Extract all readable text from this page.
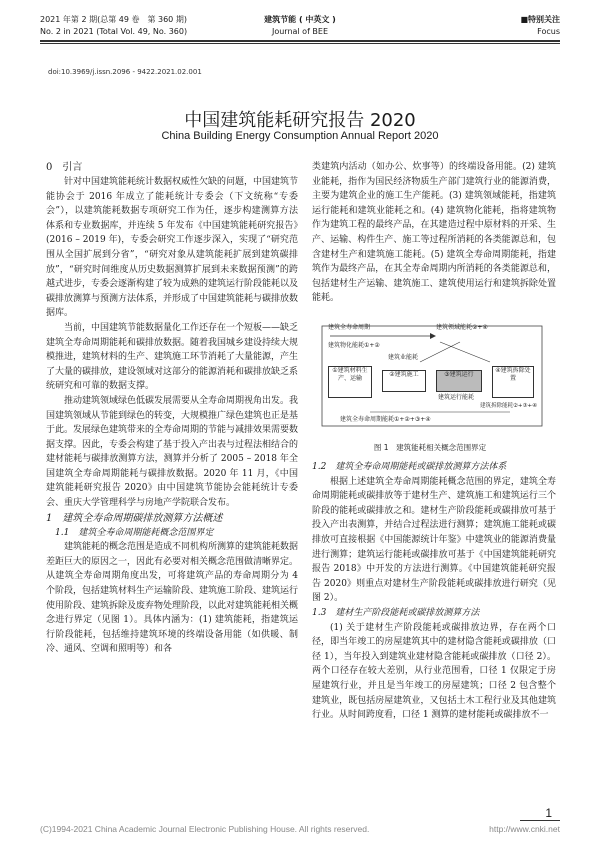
2021 年第 2 期(总第 49 卷　第 360 期)
No. 2 in 2021 (Total Vol. 49, No. 360)
建筑节能 ( 中英文 )
Journal of BEE
■特别关注
Focus
doi:10.3969/j.issn.2096 - 9422.2021.02.001
中国建筑能耗研究报告 2020
China Building Energy Consumption Annual Report 2020

0　引言

针对中国建筑能耗统计数据权威性欠缺的问题，中国建筑节能协会于 2016 年成立了能耗统计专委会（下文统称“专委会”），以建筑能耗数据专项研究工作为任，逐步构建测算方法体系和专业数据库，并连续 5 年发布《中国建筑能耗研究报告》(2016 – 2019 年)，专委会研究工作逐步深入，实现了“研究范围从全国扩展到分省”，“研究对象从建筑能耗扩展到建筑碳排放”，“研究时间维度从历史数据测算扩展到未来数据预测”的跨越式进步，专委会逐渐构建了较为成熟的建筑运行阶段能耗以及碳排放测算与预测方法体系，并形成了中国建筑能耗与碳排放数据库。

当前，中国建筑节能数据量化工作还存在一个短板——缺乏建筑全寿命周期能耗和碳排放数据。随着我国城乡建设持续大规模推进，建筑材料的生产、建筑施工环节消耗了大量能源，产生了大量的碳排放，建设领域对这部分的能源消耗和碳排放缺乏系统研究和可靠的数据支撑。

推动建筑领域绿色低碳发展需要从全寿命周期视角出发。我国建筑领域从节能到绿色的转变，大规模推广绿色建筑也正是基于此。发展绿色建筑带来的全寿命周期的节能与减排效果需要数据支撑。因此，专委会构建了基于投入产出表与过程法相结合的建材能耗与碳排放测算方法，测算并分析了 2005 – 2018 年全国建筑全寿命周期能耗与碳排放数据。2020 年 11 月，《中国建筑能耗研究报告 2020》由中国建筑节能协会能耗统计专委会、重庆大学管理科学与房地产学院联合发布。

1　建筑全寿命周期碳排放测算方法概述

1.1　建筑全寿命周期能耗概念范围界定

建筑能耗的概念范围是造成不同机构所测算的建筑能耗数据差距巨大的原因之一，因此有必要对相关概念范围做清晰界定。从建筑全寿命周期角度出发，可将建筑产品的寿命周期分为 4 个阶段，包括建筑材料生产运输阶段、建筑施工阶段、建筑运行使用阶段、建筑拆除及废弃物处理阶段，以此对建筑能耗相关概念进行界定（见图 1）。具体内涵为：(1) 建筑能耗，指建筑运行阶段能耗，包括维持建筑环境的终端设备用能（如供暖、制冷、通风、空调和照明等）和各

类建筑内活动（如办公、炊事等）的终端设备用能。(2) 建筑业能耗，指作为国民经济物质生产部门建筑行业的能源消费，主要为建筑企业的施工生产能耗。(3) 建筑领域能耗，指建筑运行能耗和建筑业能耗之和。(4) 建筑物化能耗，指将建筑物作为建筑工程的最终产品，在其建造过程中原材料的开采、生产、运输、构件生产、施工等过程所消耗的各类能源总和，包含建材生产和建筑施工能耗。(5) 建筑全寿命周期能耗，指建筑作为最终产品，在其全寿命周期内所消耗的各类能源总和，包括建材生产运输、建筑施工、建筑使用运行和建筑拆除处置能耗。

建筑全寿命周期	建筑领域能耗②+④
建筑物化能耗①+②
建筑业能耗
①建筑材料生产、运输
②建筑施工	③建筑运行
④建筑拆除处置
建筑运行能耗
建筑拆除能耗②+③+④
建筑全寿命周期能耗①+②+③+④
图 1　建筑能耗相关概念范围界定

1.2　建筑全寿命周期能耗或碳排放测算方法体系

根据上述建筑全寿命周期能耗概念范围的界定，建筑全寿命周期能耗或碳排放等于建材生产、建筑施工和建筑运行三个阶段的能耗或碳排放之和。建材生产阶段能耗或碳排放可基于投入产出表测算，并结合过程法进行测算；建筑施工能耗或碳排放可直接根据《中国能源统计年鉴》中建筑业的能源消费量进行测算；建筑运行能耗或碳排放可基于《中国建筑能耗研究报告 2018》中开发的方法进行测算。《中国建筑能耗研究报告 2020》则重点对建材生产阶段能耗或碳排放进行研究（见图 2）。

1.3　建材生产阶段能耗或碳排放测算方法

(1) 关于建材生产阶段能耗或碳排放边界，存在两个口径，即当年竣工的房屋建筑其中的建材隐含能耗或碳排放（口径 1），当年投入到建筑业建材隐含能耗或碳排放（口径 2）。两个口径存在较大差别，从行业范围看，口径 1 仅限定于房屋建筑行业，并且是当年竣工的房屋建筑；口径 2 包含整个建筑业，既包括房屋建筑业，又包括土木工程行业及其他建筑行业。从时间跨度看，口径 1 测算的建材能耗或碳排放不一

1
(C)1994-2021 China Academic Journal Electronic Publishing House. All rights reserved.	http://www.cnki.net
